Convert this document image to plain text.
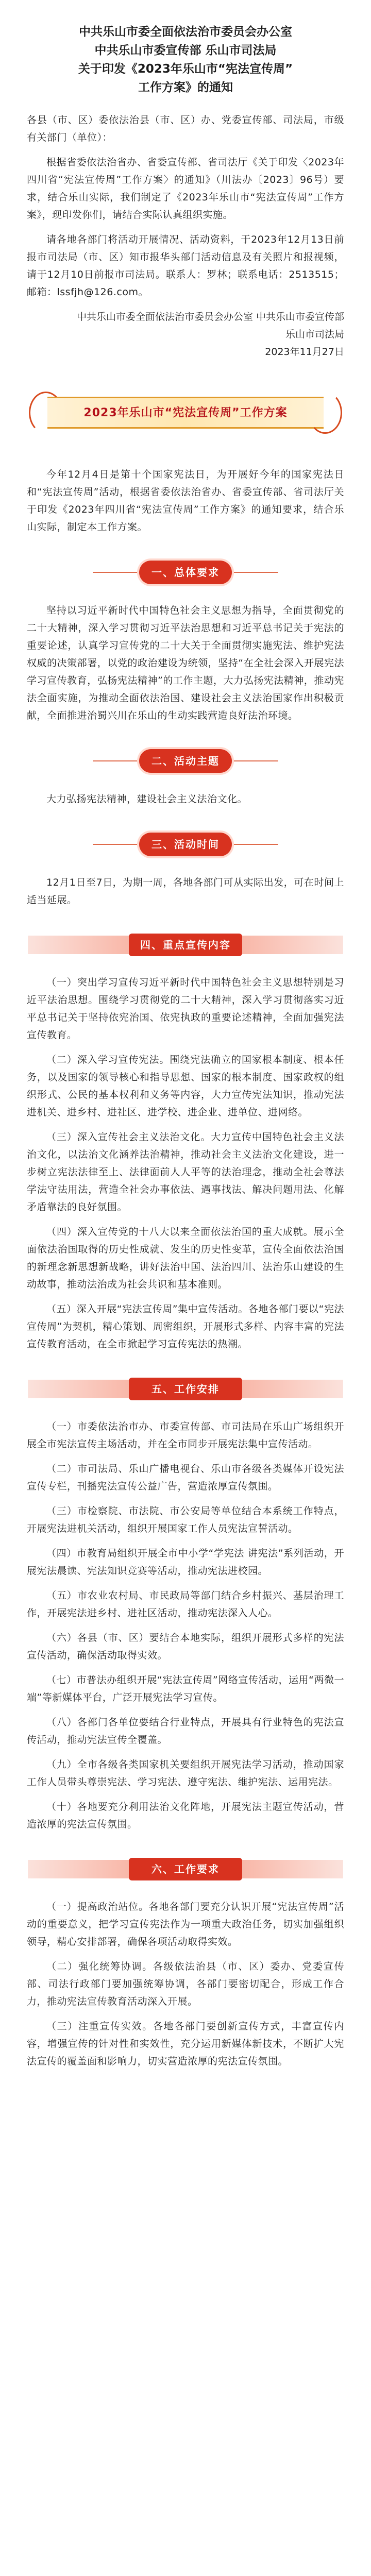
中共乐山市委全面依法治市委员会办公室
中共乐山市委宣传部 乐山市司法局
关于印发《2023年乐山市“宪法宣传周”
工作方案》的通知

各县（市、区）委依法治县（市、区）办、党委宣传部、司法局，市级有关部门（单位）：

根据省委依法治省办、省委宣传部、省司法厅《关于印发〈2023年四川省“宪法宣传周”工作方案〉的通知》（川法办〔2023〕96号）要求，结合乐山实际，我们制定了《2023年乐山市“宪法宣传周”工作方案》，现印发你们，请结合实际认真组织实施。

请各地各部门将活动开展情况、活动资料，于2023年12月13日前报市司法局（市、区）知市报华头部门活动信息及有关照片和报视频，请于12月10日前报市司法局。联系人：罗林；联系电话：2513515；邮箱：lssfjh@126.com。

中共乐山市委全面依法治市委员会办公室 中共乐山市委宣传部

乐山市司法局

2023年11月27日

2023年乐山市“宪法宣传周”工作方案

今年12月4日是第十个国家宪法日，为开展好今年的国家宪法日和“宪法宣传周”活动，根据省委依法治省办、省委宣传部、省司法厅关于印发《2023年四川省“宪法宣传周”工作方案》的通知要求，结合乐山实际，制定本工作方案。

一、总体要求

坚持以习近平新时代中国特色社会主义思想为指导，全面贯彻党的二十大精神，深入学习贯彻习近平法治思想和习近平总书记关于宪法的重要论述，认真学习宣传党的二十大关于全面贯彻实施宪法、维护宪法权威的决策部署，以党的政治建设为统领，坚持“在全社会深入开展宪法学习宣传教育，弘扬宪法精神”的工作主题，大力弘扬宪法精神，推动宪法全面实施，为推动全面依法治国、建设社会主义法治国家作出积极贡献，全面推进治蜀兴川在乐山的生动实践营造良好法治环境。

二、活动主题

大力弘扬宪法精神，建设社会主义法治文化。

三、活动时间

12月1日至7日，为期一周，各地各部门可从实际出发，可在时间上适当延展。

四、重点宣传内容

（一）突出学习宣传习近平新时代中国特色社会主义思想特别是习近平法治思想。围绕学习贯彻党的二十大精神，深入学习贯彻落实习近平总书记关于坚持依宪治国、依宪执政的重要论述精神，全面加强宪法宣传教育。

（二）深入学习宣传宪法。围绕宪法确立的国家根本制度、根本任务，以及国家的领导核心和指导思想、国家的根本制度、国家政权的组织形式、公民的基本权利和义务等内容，大力宣传宪法知识，推动宪法进机关、进乡村、进社区、进学校、进企业、进单位、进网络。

（三）深入宣传社会主义法治文化。大力宣传中国特色社会主义法治文化，以法治文化涵养法治精神，推动社会主义法治文化建设，进一步树立宪法法律至上、法律面前人人平等的法治理念，推动全社会尊法学法守法用法，营造全社会办事依法、遇事找法、解决问题用法、化解矛盾靠法的良好氛围。

（四）深入宣传党的十八大以来全面依法治国的重大成就。展示全面依法治国取得的历史性成就、发生的历史性变革，宣传全面依法治国的新理念新思想新战略，讲好法治中国、法治四川、法治乐山建设的生动故事，推动法治成为社会共识和基本准则。

（五）深入开展“宪法宣传周”集中宣传活动。各地各部门要以“宪法宣传周”为契机，精心策划、周密组织，开展形式多样、内容丰富的宪法宣传教育活动，在全市掀起学习宣传宪法的热潮。

五、工作安排

（一）市委依法治市办、市委宣传部、市司法局在乐山广场组织开展全市宪法宣传主场活动，并在全市同步开展宪法集中宣传活动。

（二）市司法局、乐山广播电视台、乐山市各级各类媒体开设宪法宣传专栏，刊播宪法宣传公益广告，营造浓厚宣传氛围。

（三）市检察院、市法院、市公安局等单位结合本系统工作特点，开展宪法进机关活动，组织开展国家工作人员宪法宣誓活动。

（四）市教育局组织开展全市中小学“学宪法 讲宪法”系列活动，开展宪法晨读、宪法知识竞赛等活动，推动宪法进校园。

（五）市农业农村局、市民政局等部门结合乡村振兴、基层治理工作，开展宪法进乡村、进社区活动，推动宪法深入人心。

（六）各县（市、区）要结合本地实际，组织开展形式多样的宪法宣传活动，确保活动取得实效。

（七）市普法办组织开展“宪法宣传周”网络宣传活动，运用“两微一端”等新媒体平台，广泛开展宪法学习宣传。

（八）各部门各单位要结合行业特点，开展具有行业特色的宪法宣传活动，推动宪法宣传全覆盖。

（九）全市各级各类国家机关要组织开展宪法学习活动，推动国家工作人员带头尊崇宪法、学习宪法、遵守宪法、维护宪法、运用宪法。

（十）各地要充分利用法治文化阵地，开展宪法主题宣传活动，营造浓厚的宪法宣传氛围。

六、工作要求

（一）提高政治站位。各地各部门要充分认识开展“宪法宣传周”活动的重要意义，把学习宣传宪法作为一项重大政治任务，切实加强组织领导，精心安排部署，确保各项活动取得实效。

（二）强化统筹协调。各级依法治县（市、区）委办、党委宣传部、司法行政部门要加强统筹协调，各部门要密切配合，形成工作合力，推动宪法宣传教育活动深入开展。

（三）注重宣传实效。各地各部门要创新宣传方式，丰富宣传内容，增强宣传的针对性和实效性，充分运用新媒体新技术，不断扩大宪法宣传的覆盖面和影响力，切实营造浓厚的宪法宣传氛围。
